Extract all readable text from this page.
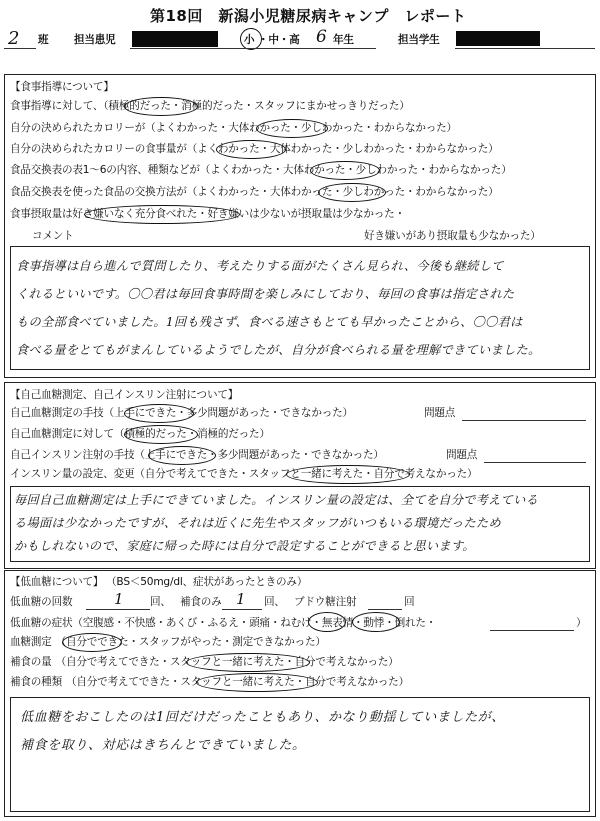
第18回　新潟小児糖尿病キャンプ　レポート
2 班 担当患児	小 ・中・高 6 年生	担当学生
【食事指導について】
食事指導に対して、（積極的だった・消極的だった・スタッフにまかせっきりだった）
自分の決められたカロリーが（よくわかった・大体わかった・少しわかった・わからなかった）
自分の決められたカロリーの食事量が（よくわかった・大体わかった・少しわかった・わからなかった）
食品交換表の表1～6の内容、種類などが（よくわかった・大体わかった・少しわかった・わからなかった）
食品交換表を使った食品の交換方法が（よくわかった・大体わかった・少しわかった・わからなかった）
食事摂取量は好き嫌いなく充分食べれた・好き嫌いは少ないが摂取量は少なかった・
好き嫌いがあり摂取量も少なかった）
コメント
食事指導は自ら進んで質問したり、考えたりする面がたくさん見られ、今後も継続して
くれるといいです。〇〇君は毎回食事時間を楽しみにしており、毎回の食事は指定された
もの全部食べていました。1回も残さず、食べる速さもとても早かったことから、〇〇君は
食べる量をとてもがまんしているようでしたが、自分が食べられる量を理解できていました。
【自己血糖測定、自己インスリン注射について】
自己血糖測定の手技（上手にできた・多少問題があった・できなかった）	問題点
自己血糖測定に対して（積極的だった・消極的だった）
自己インスリン注射の手技（上手にできた・多少問題があった・できなかった）	問題点
インスリン量の設定、変更（自分で考えてできた・スタッフと一緒に考えた・自分で考えなかった）
毎回自己血糖測定は上手にできていました。インスリン量の設定は、全てを自分で考えている
る場面は少なかったですが、それは近くに先生やスタッフがいつもいる環境だったため
かもしれないので、家庭に帰った時には自分で設定することができると思います。
【低血糖について】 （BS＜50mg/dl、症状があったときのみ）
低血糖の回数	1 回、 補食のみ 1 回、 ブドウ糖注射	回
低血糖の症状（空腹感・不快感・あくび・ふるえ・頭痛・ねむけ・無表情・動悸・倒れた・	）
血糖測定 （自分でできた・スタッフがやった・測定できなかった）
補食の量 （自分で考えてできた・スタッフと一緒に考えた・自分で考えなかった）
補食の種類 （自分で考えてできた・スタッフと一緒に考えた・自分で考えなかった）
低血糖をおこしたのは1回だけだったこともあり、かなり動揺していましたが、
補食を取り、対応はきちんとできていました。
